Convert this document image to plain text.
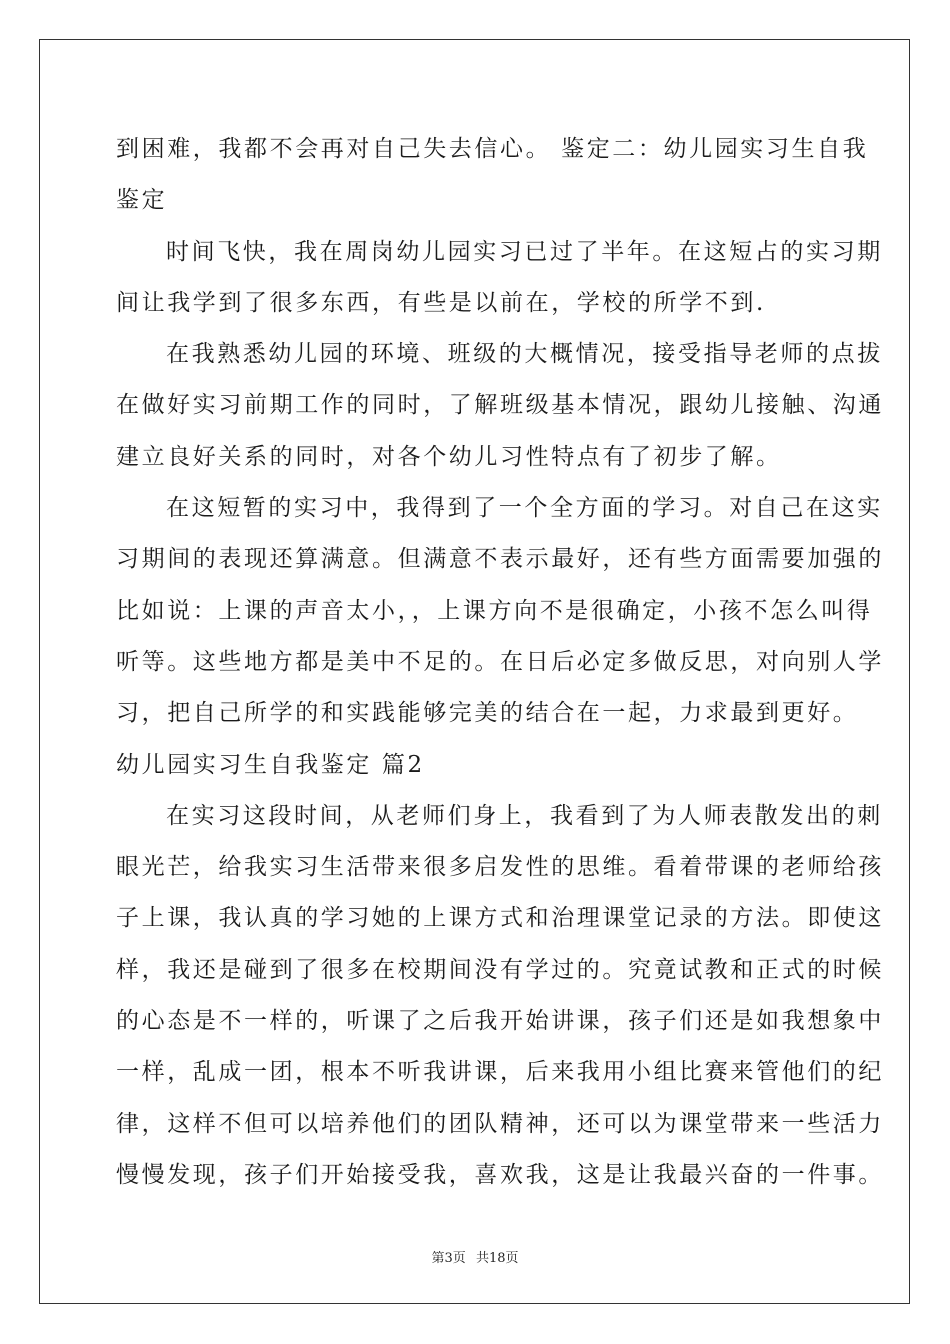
到困难，我都不会再对自己失去信心。 鉴定二：幼儿园实习生自我
鉴定
时间飞快，我在周岗幼儿园实习已过了半年。在这短占的实习期
间让我学到了很多东西，有些是以前在，学校的所学不到.
在我熟悉幼儿园的环境、班级的大概情况，接受指导老师的点拔
在做好实习前期工作的同时，了解班级基本情况，跟幼儿接触、沟通
建立良好关系的同时，对各个幼儿习性特点有了初步了解。
在这短暂的实习中，我得到了一个全方面的学习。对自己在这实
习期间的表现还算满意。但满意不表示最好，还有些方面需要加强的
比如说：上课的声音太小，，上课方向不是很确定，小孩不怎么叫得
听等。这些地方都是美中不足的。在日后必定多做反思，对向别人学
习，把自己所学的和实践能够完美的结合在一起，力求最到更好。
幼儿园实习生自我鉴定 篇2
在实习这段时间，从老师们身上，我看到了为人师表散发出的刺
眼光芒，给我实习生活带来很多启发性的思维。看着带课的老师给孩
子上课，我认真的学习她的上课方式和治理课堂记录的方法。即使这
样，我还是碰到了很多在校期间没有学过的。究竟试教和正式的时候
的心态是不一样的，听课了之后我开始讲课，孩子们还是如我想象中
一样，乱成一团，根本不听我讲课，后来我用小组比赛来管他们的纪
律，这样不但可以培养他们的团队精神，还可以为课堂带来一些活力
慢慢发现，孩子们开始接受我，喜欢我，这是让我最兴奋的一件事。
第3页 共18页
